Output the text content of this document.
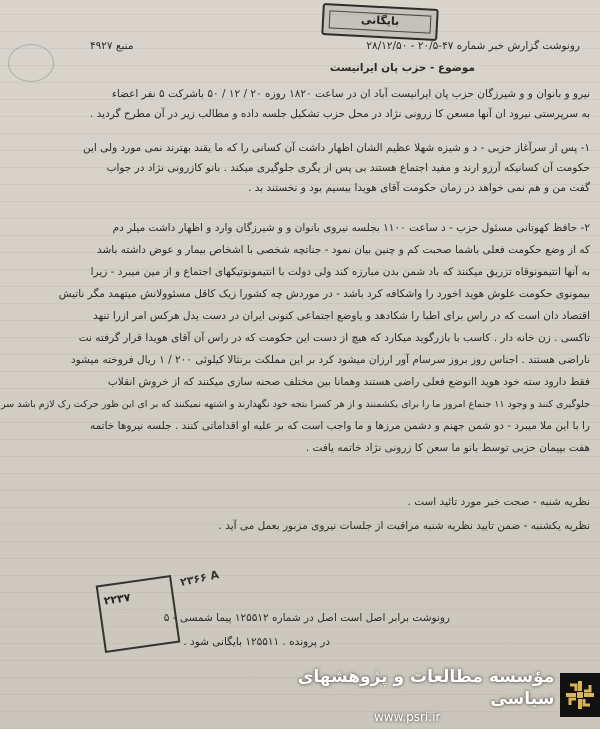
بایگانی
رونوشت گزارش خبر شماره ۴۷-۲۰/۵ - ۲۸/۱۲/۵۰
منبع ۴۹۲۷
موضوع - حزب پان ایرانیست
نیرو و بانوان و و شیرزگان حزب پان ایرانیست آباد ان در ساعت ۱۸۲۰ روزه ۲۰ / ۱۲ / ۵۰ باشرکت ۵ نفر اعضاء
به سرپرستی نیرود ان آنها مسعن کا زرونی نژاد در محل حزب تشکیل جلسه داده و مطالب زیر در آن مطرح گردید .
۱- پس از سرآغاز حزبی - د و شیزه شهلا عظیم الشان اظهار داشت آن کسانی را که ما یقند بهترند نمی مورد ولی این
حکومت آن کسانیکه آرزو ارند و مفید اجتماع هستند بی پس از یگری جلوگیری میکند . بانو کازرونی نژاد در جواب
گفت من و هم نمی خواهد در زمان حکومت آقای هویدا بیسیم بود و نخستند بد .
۲- حافظ کهوتانی مسئول حزب - د ساعت ۱۱۰۰ بجلسه نیروی بانوان و و شیرزگان وارد و اظهار داشت میلر دم
که از وضع حکومت فعلی باشما صحبت کم و چنین بیان نمود - جناتچه شخصی با اشخاص بیمار و عوض داشته باشد
به آنها انتیمونوقاه تزریق میکنند که باد شمن بدن مبارزه کند ولی دولت با انتیمونوتیکهای اجتماع و از مین میبرد - زیرا
بیمونوی حکومت علوش هوید اخورد را واشکافه کرد باشد - در موردش چه کشورا زیک کاقل مسئوولانش میتهمد مگر ناتیش
اقتصاد دان است که در راس برای اطبا را شکادهد و یاوضع اجتماعی کنونی ایران در دست یدل هرکس امر ازرا تنهد
تاکسی . زن خانه دار . کاسب با بازرگوید میکارد که هیچ از دست این حکومت که در راس آن آقای هویدا قرار گرفته نت
ناراضی هستند . اجناس روز بروز سرسام آور ارزان میشود کرد بر این مملکت برنثالا کیلوئی ۲۰۰ / ۱ ریال فروخته میشود
فقط دارود سته خود هوید اانوضع فعلی راضی هستند وهمانا بین مختلف صحنه سازی میکنند که از خروش انقلاب
جلوگیری کنند و وجود ۱۱ جتماع امروز ما را برای یکشمنند و از هر کسرا بتجه خود نگهدارند و اشتهه نمیکنند که بر ای این ظور حرکت رک لازم باشد سر
را با این ملا میبرد - دو شمن جهنم و دشمن مرزها و ما واجب است که بر علیه او اقداماتی کنند . جلسه نیروها خاتمه
هفت بپیمان حزبی توسط بانو ما سعن کا زرونی نژاد خاتمه یافت .
نظریه شنبه - صحت خبر مورد تائید است .
نظریه یکشنبه - ضمن تایید نظریه شنبه مراقبت از جلسات نیروی مزبور بعمل می آید .
۲۲۳۷
۲۳۶۶ A
رونوشت برابر اصل است اصل در شماره ۱۲۵۵۱۲ پیما شمسی - ۵
در پرونده . ۱۲۵۵۱۱ بایگانی شود .
مؤسسه مطالعات و پژوهشهای سیاسی
www.psri.ir
